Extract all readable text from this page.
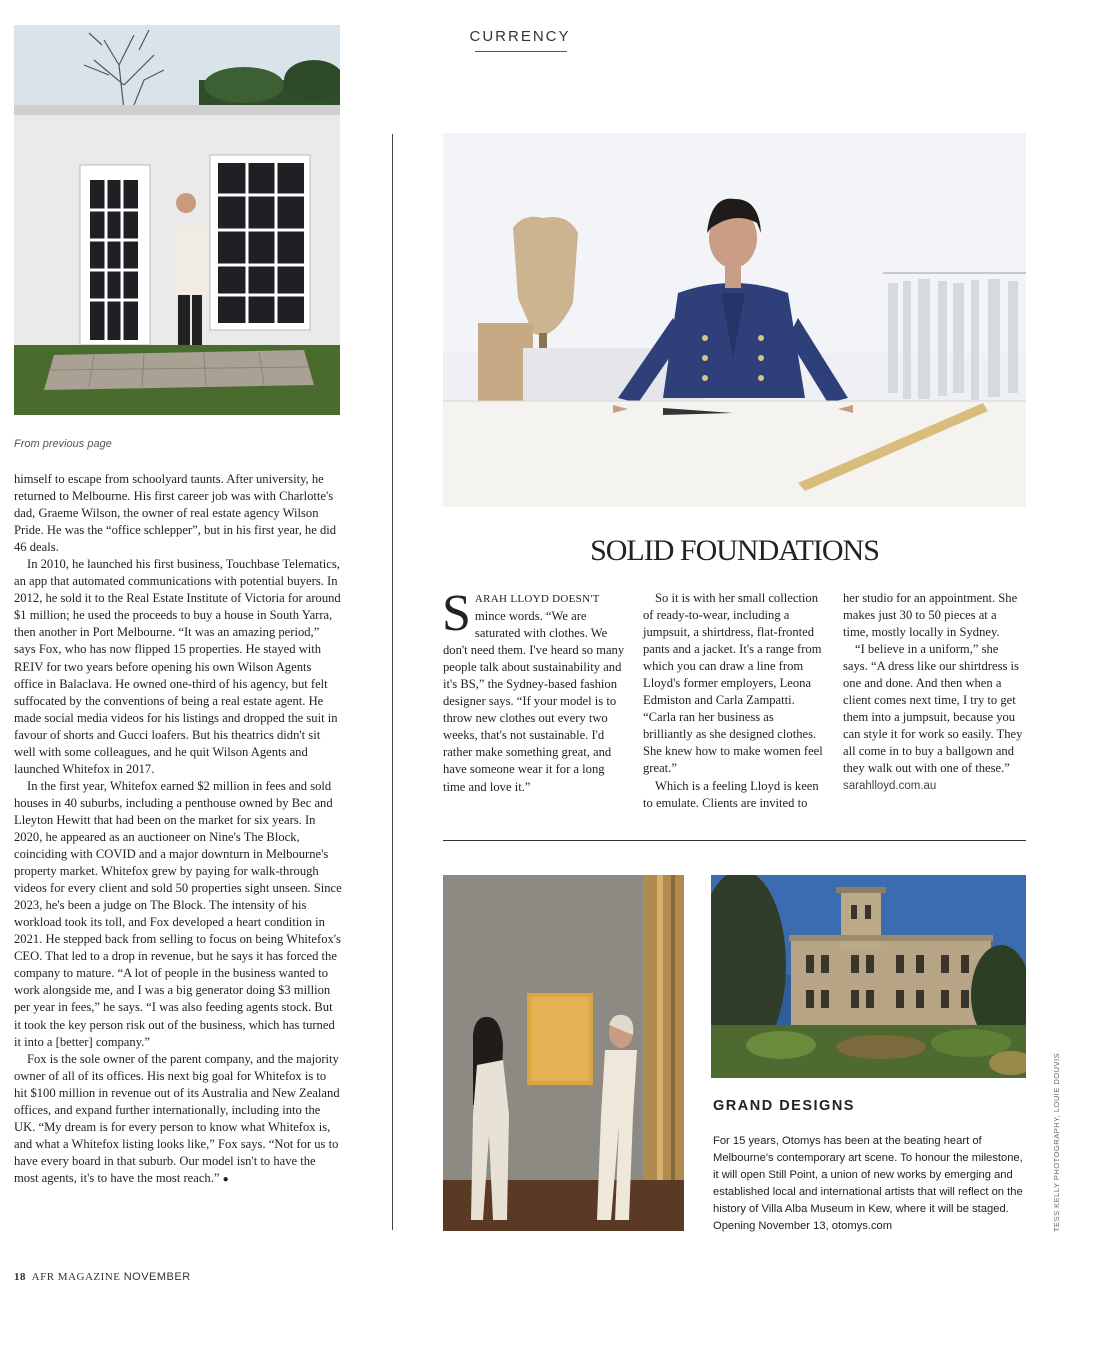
CURRENCY
From previous page

himself to escape from schoolyard taunts. After university, he returned to Melbourne. His first career job was with Charlotte's dad, Graeme Wilson, the owner of real estate agency Wilson Pride. He was the “office schlepper”, but in his first year, he did 46 deals.

In 2010, he launched his first business, Touchbase Telematics, an app that automated communications with potential buyers. In 2012, he sold it to the Real Estate Institute of Victoria for around $1 million; he used the proceeds to buy a house in South Yarra, then another in Port Melbourne. “It was an amazing period,” says Fox, who has now flipped 15 properties. He stayed with REIV for two years before opening his own Wilson Agents office in Balaclava. He owned one-third of his agency, but felt suffocated by the conventions of being a real estate agent. He made social media videos for his listings and dropped the suit in favour of shorts and Gucci loafers. But his theatrics didn't sit well with some colleagues, and he quit Wilson Agents and launched Whitefox in 2017.

In the first year, Whitefox earned $2 million in fees and sold houses in 40 suburbs, including a penthouse owned by Bec and Lleyton Hewitt that had been on the market for six years. In 2020, he appeared as an auctioneer on Nine's The Block, coinciding with COVID and a major downturn in Melbourne's property market. Whitefox grew by paying for walk-through videos for every client and sold 50 properties sight unseen. Since 2023, he's been a judge on The Block. The intensity of his workload took its toll, and Fox developed a heart condition in 2021. He stepped back from selling to focus on being Whitefox's CEO. That led to a drop in revenue, but he says it has forced the company to mature. “A lot of people in the business wanted to work alongside me, and I was a big generator doing $3 million per year in fees,” he says. “I was also feeding agents stock. But it took the key person risk out of the business, which has turned it into a [better] company.”

Fox is the sole owner of the parent company, and the majority owner of all of its offices. His next big goal for Whitefox is to hit $100 million in revenue out of its Australia and New Zealand offices, and expand further internationally, including into the UK. “My dream is for every person to know what Whitefox is, and what a Whitefox listing looks like,” Fox says. “Not for us to have every board in that suburb. Our model isn't to have the most agents, it's to have the most reach.” ●

SOLID FOUNDATIONS

SARAH LLOYD DOESN'T mince words. “We are saturated with clothes. We don't need them. I've heard so many people talk about sustainability and it's BS,” the Sydney-based fashion designer says. “If your model is to throw new clothes out every two weeks, that's not sustainable. I'd rather make something great, and have someone wear it for a long time and love it.”

So it is with her small collection of ready-to-wear, including a jumpsuit, a shirtdress, flat-fronted pants and a jacket. It's a range from which you can draw a line from Lloyd's former employers, Leona Edmiston and Carla Zampatti. “Carla ran her business as brilliantly as she designed clothes. She knew how to make women feel great.”

Which is a feeling Lloyd is keen to emulate. Clients are invited to

her studio for an appointment. She makes just 30 to 50 pieces at a time, mostly locally in Sydney.

“I believe in a uniform,” she says. “A dress like our shirtdress is one and done. And then when a client comes next time, I try to get them into a jumpsuit, because you can style it for work so easily. They all come in to buy a ballgown and they walk out with one of these.”

sarahlloyd.com.au

GRAND DESIGNS
For 15 years, Otomys has been at the beating heart of Melbourne's contemporary art scene. To honour the milestone, it will open Still Point, a union of new works by emerging and established local and international artists that will reflect on the history of Villa Alba Museum in Kew, where it will be staged. Opening November 13, otomys.com	TESS KELLY PHOTOGRAPHY, LOUIE DOUVIS
18 AFR MAGAZINE NOVEMBER
